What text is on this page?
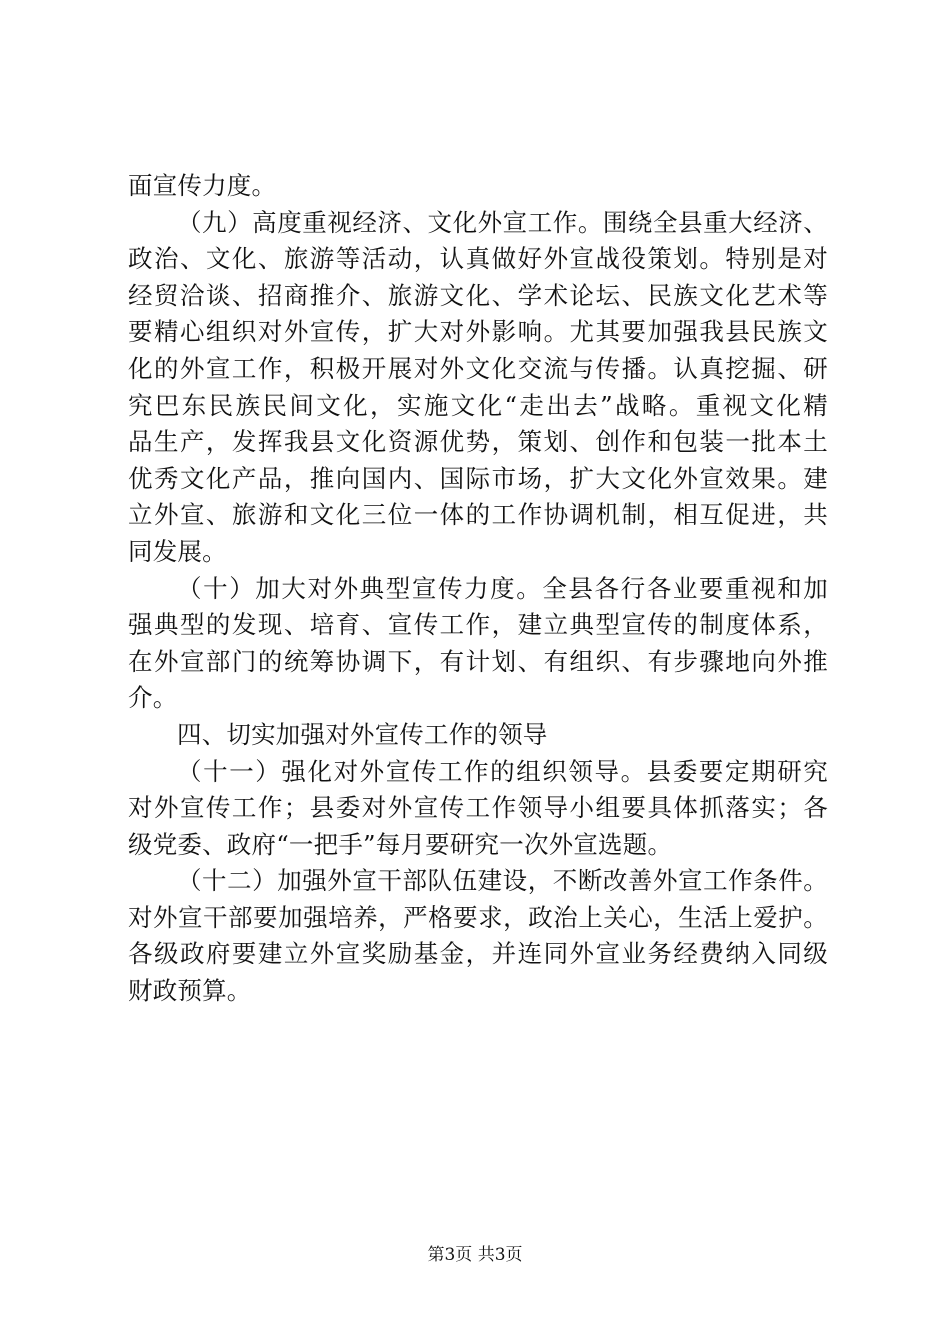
面宣传力度。
（九）高度重视经济、文化外宣工作。围绕全县重大经济、
政治、文化、旅游等活动，认真做好外宣战役策划。特别是对
经贸洽谈、招商推介、旅游文化、学术论坛、民族文化艺术等
要精心组织对外宣传，扩大对外影响。尤其要加强我县民族文
化的外宣工作，积极开展对外文化交流与传播。认真挖掘、研
究巴东民族民间文化，实施文化“走出去”战略。重视文化精
品生产，发挥我县文化资源优势，策划、创作和包装一批本土
优秀文化产品，推向国内、国际市场，扩大文化外宣效果。建
立外宣、旅游和文化三位一体的工作协调机制，相互促进，共
同发展。
（十）加大对外典型宣传力度。全县各行各业要重视和加
强典型的发现、培育、宣传工作，建立典型宣传的制度体系，
在外宣部门的统筹协调下，有计划、有组织、有步骤地向外推
介。
四、切实加强对外宣传工作的领导
（十一）强化对外宣传工作的组织领导。县委要定期研究
对外宣传工作；县委对外宣传工作领导小组要具体抓落实；各
级党委、政府“一把手”每月要研究一次外宣选题。
（十二）加强外宣干部队伍建设，不断改善外宣工作条件。
对外宣干部要加强培养，严格要求，政治上关心，生活上爱护。
各级政府要建立外宣奖励基金，并连同外宣业务经费纳入同级
财政预算。
第3页 共3页
